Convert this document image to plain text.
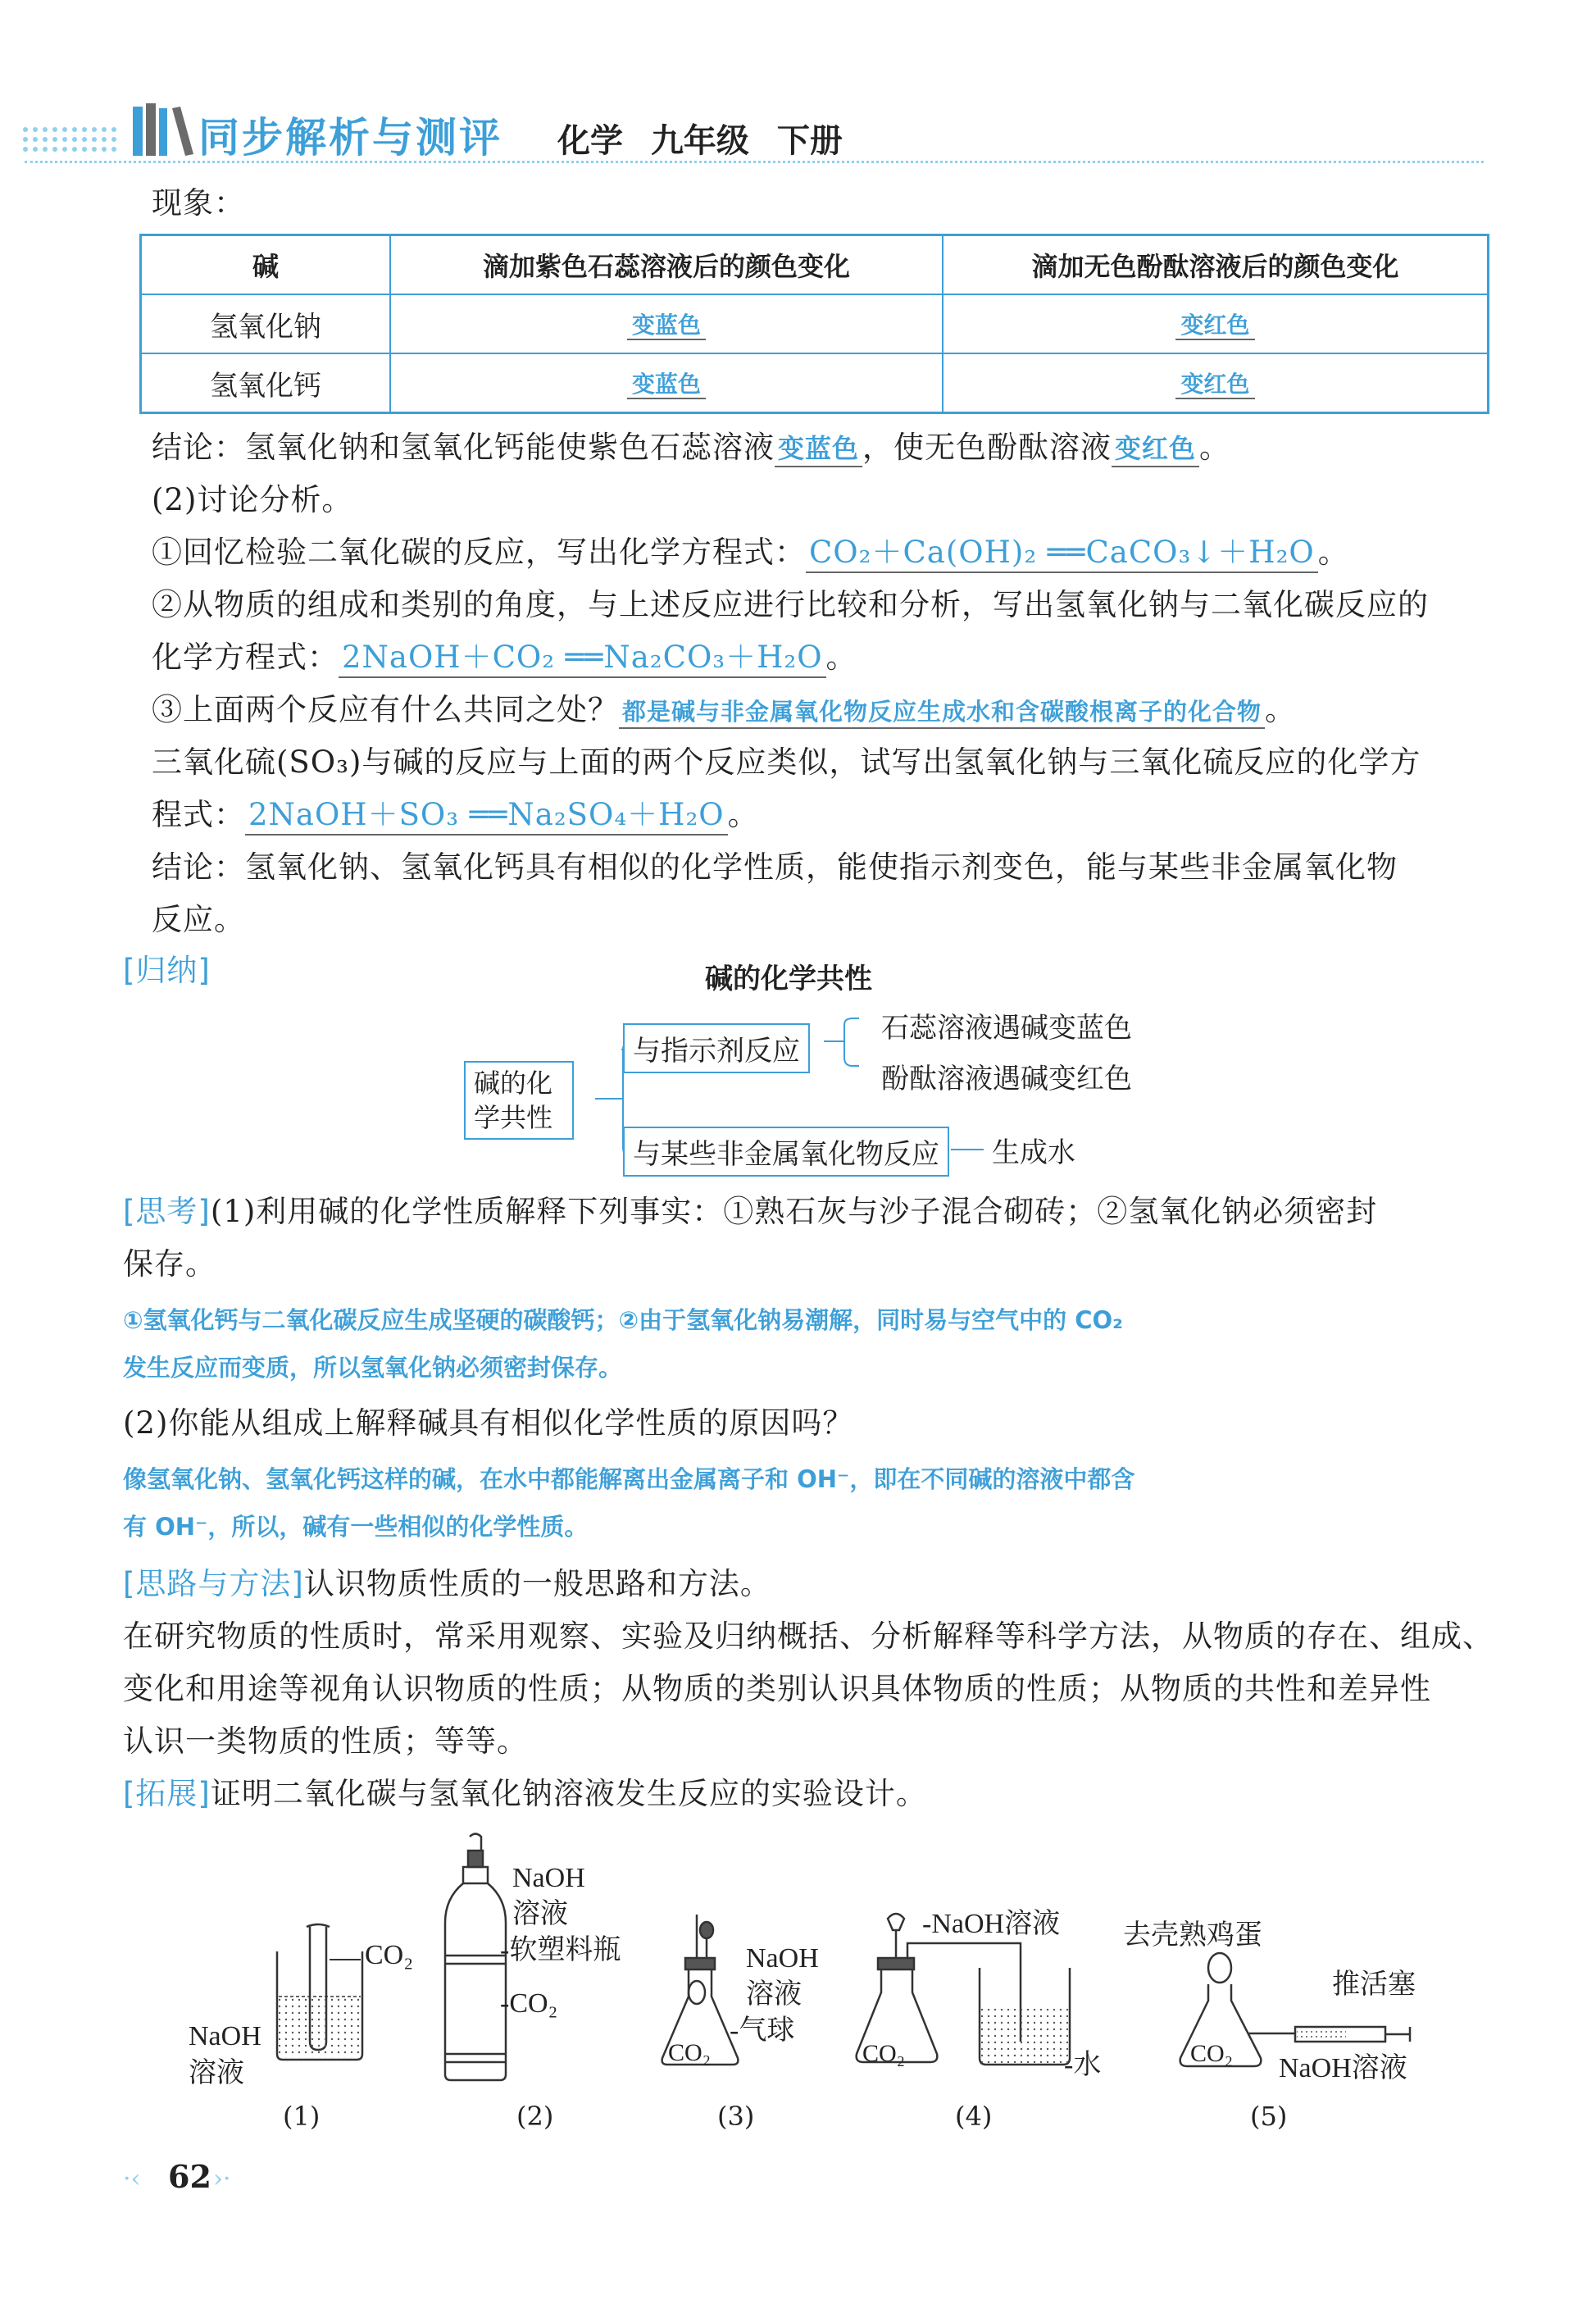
同步解析与测评 化学 九年级 下册
现象：
碱	滴加紫色石蕊溶液后的颜色变化	滴加无色酚酞溶液后的颜色变化
氢氧化钠	变蓝色	变红色
氢氧化钙	变蓝色	变红色
结论：氢氧化钠和氢氧化钙能使紫色石蕊溶液 变蓝色 ，使无色酚酞溶液 变红色 。
(2)讨论分析。
①回忆检验二氧化碳的反应，写出化学方程式： CO₂＋Ca(OH)₂ ══CaCO₃↓＋H₂O 。
②从物质的组成和类别的角度，与上述反应进行比较和分析，写出氢氧化钠与二氧化碳反应的
化学方程式： 2NaOH＋CO₂ ══Na₂CO₃＋H₂O 。
③上面两个反应有什么共同之处？ 都是碱与非金属氧化物反应生成水和含碳酸根离子的化合物 。
三氧化硫(SO₃)与碱的反应与上面的两个反应类似，试写出氢氧化钠与三氧化硫反应的化学方
程式： 2NaOH＋SO₃ ══Na₂SO₄＋H₂O 。
结论：氢氧化钠、氢氧化钙具有相似的化学性质，能使指示剂变色，能与某些非金属氧化物
反应。
[归纳]	碱的化学共性
碱的化学共性
与指示剂反应
与某些非金属氧化物反应
石蕊溶液遇碱变蓝色
酚酞溶液遇碱变红色
生成水
[思考](1)利用碱的化学性质解释下列事实：①熟石灰与沙子混合砌砖；②氢氧化钠必须密封
保存。
①氢氧化钙与二氧化碳反应生成坚硬的碳酸钙；②由于氢氧化钠易潮解，同时易与空气中的 CO₂
发生反应而变质，所以氢氧化钠必须密封保存。
(2)你能从组成上解释碱具有相似化学性质的原因吗？
像氢氧化钠、氢氧化钙这样的碱，在水中都能解离出金属离子和 OH⁻，即在不同碱的溶液中都含
有 OH⁻，所以，碱有一些相似的化学性质。
[思路与方法]认识物质性质的一般思路和方法。
在研究物质的性质时，常采用观察、实验及归纳概括、分析解释等科学方法，从物质的存在、组成、
变化和用途等视角认识物质的性质；从物质的类别认识具体物质的性质；从物质的共性和差异性
认识一类物质的性质；等等。
[拓展]证明二氧化碳与氢氧化钠溶液发生反应的实验设计。
CO₂
NaOH
溶液
(1)
NaOH
溶液
-软塑料瓶
-CO₂
(2)
NaOH
溶液
-气球
CO₂
(3)
-NaOH溶液
-水
CO₂
(4)
去壳熟鸡蛋
推活塞
CO₂ NaOH溶液
(5)
·‹ 62 ›·
